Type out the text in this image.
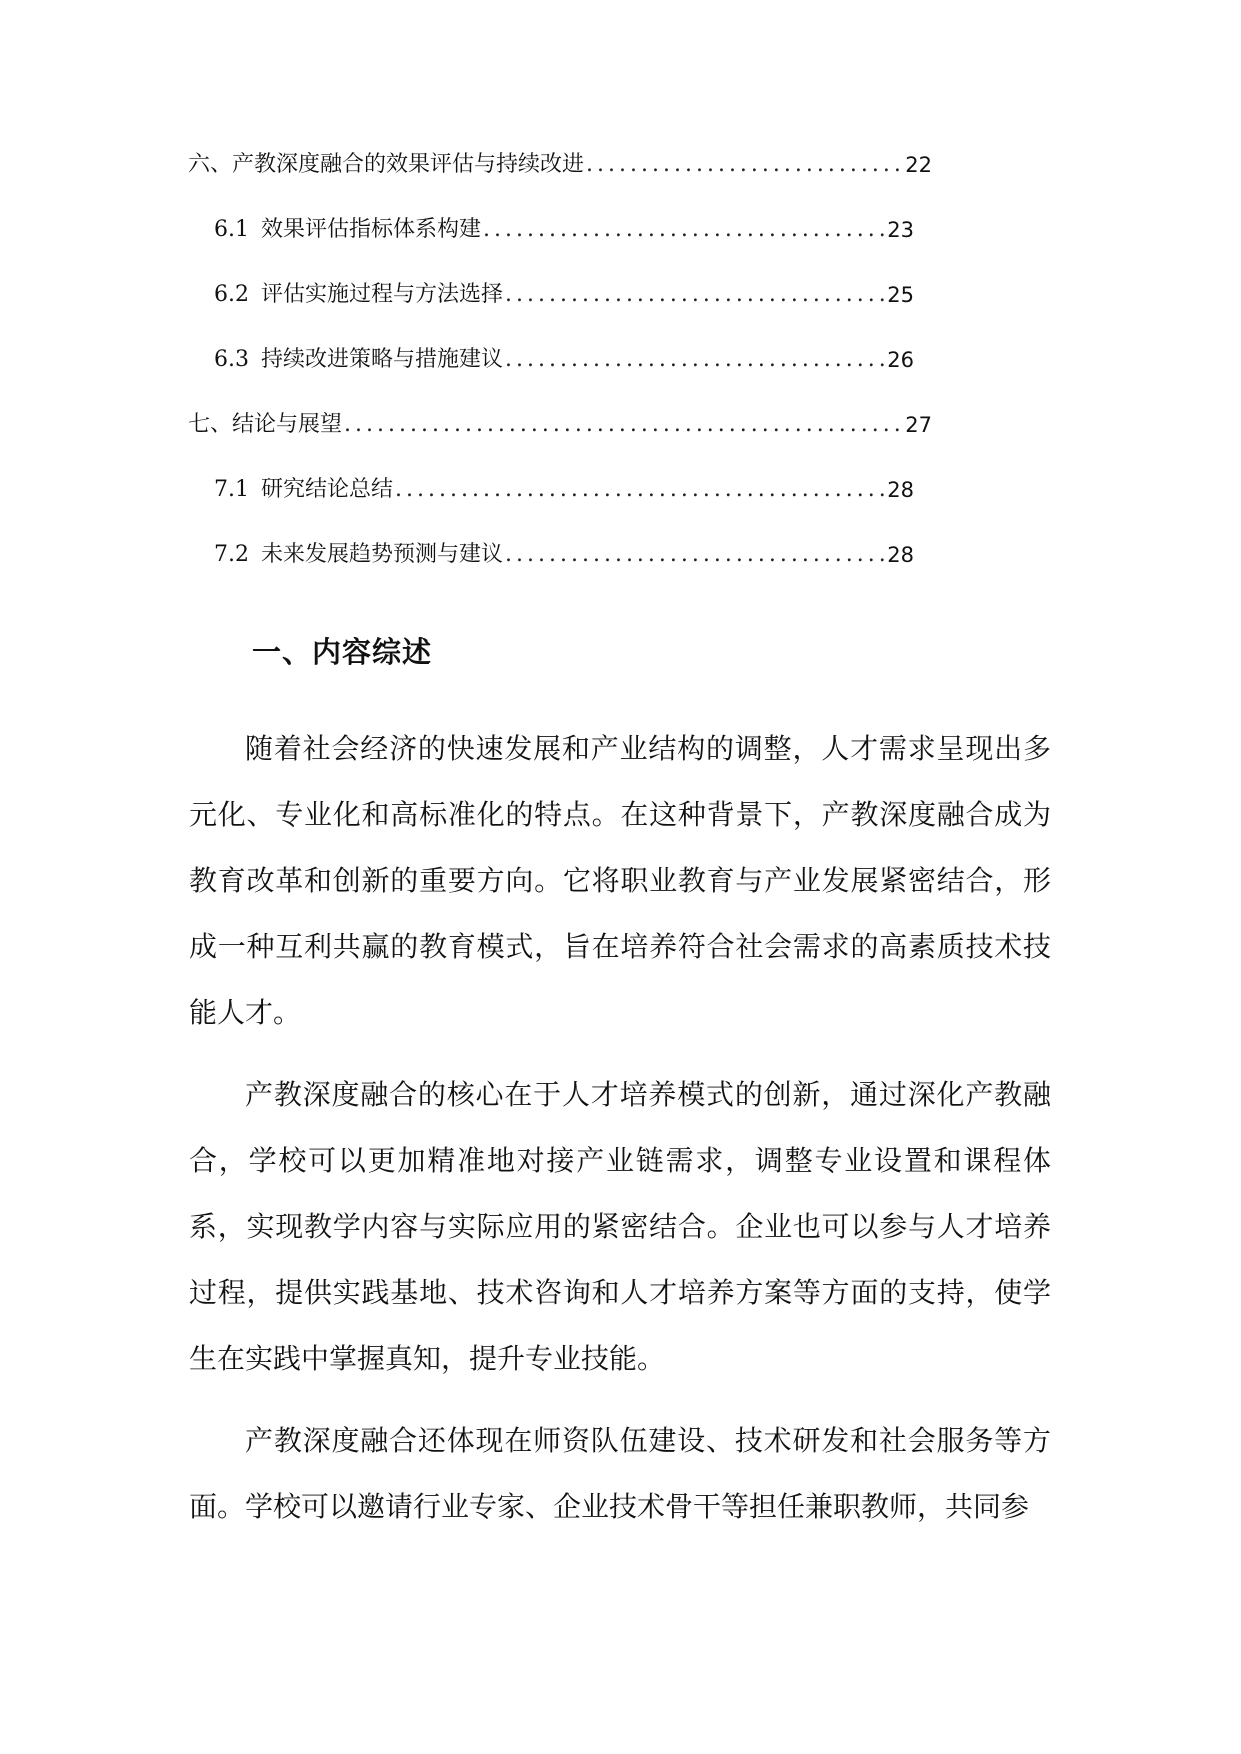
六、产教深度融合的效果评估与持续改进 .....	22
6.1 效果评估指标体系构建 .....	23
6.2 评估实施过程与方法选择 .....	25
6.3 持续改进策略与措施建议 .....	26
七、结论与展望 .....	27
7.1 研究结论总结 .....	28
7.2 未来发展趋势预测与建议 .....	28
一、内容综述

随着社会经济的快速发展和产业结构的调整，人才需求呈现出多元化、专业化和高标准化的特点。在这种背景下，产教深度融合成为教育改革和创新的重要方向。它将职业教育与产业发展紧密结合，形成一种互利共赢的教育模式，旨在培养符合社会需求的高素质技术技能人才。

产教深度融合的核心在于人才培养模式的创新，通过深化产教融合，学校可以更加精准地对接产业链需求，调整专业设置和课程体系，实现教学内容与实际应用的紧密结合。企业也可以参与人才培养过程，提供实践基地、技术咨询和人才培养方案等方面的支持，使学生在实践中掌握真知，提升专业技能。

产教深度融合还体现在师资队伍建设、技术研发和社会服务等方面。学校可以邀请行业专家、企业技术骨干等担任兼职教师，共同参
